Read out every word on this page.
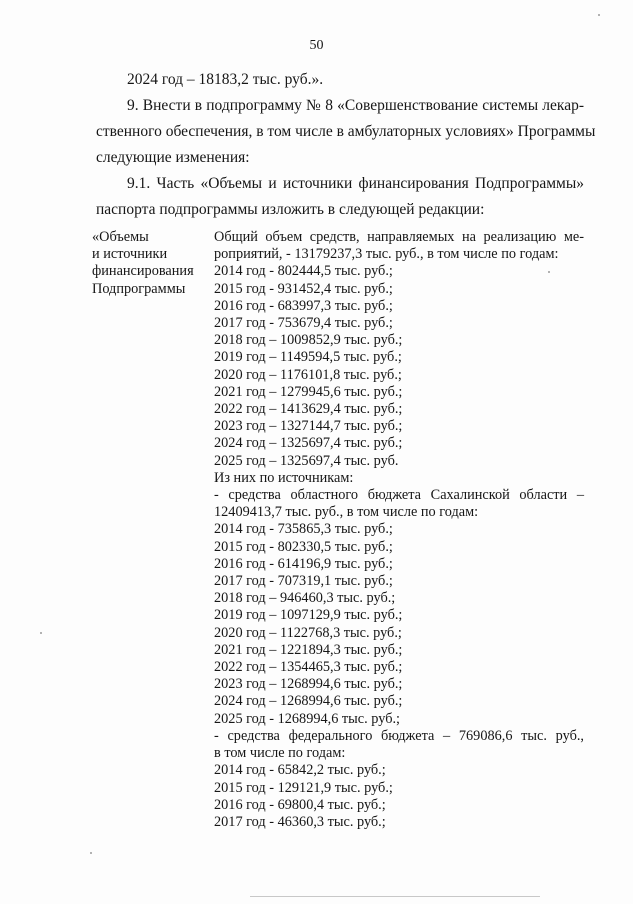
50
2024 год – 18183,2 тыс. руб.».
9. Внести в подпрограмму № 8 «Совершенствование системы лекар-
ственного обеспечения, в том числе в амбулаторных условиях» Программы
следующие изменения:
9.1. Часть «Объемы и источники финансирования Подпрограммы»
паспорта подпрограммы изложить в следующей редакции:
«Объемы
и источники
финансирования
Подпрограммы
Общий объем средств, направляемых на реализацию ме-
роприятий, - 13179237,3 тыс. руб., в том числе по годам:
2014 год - 802444,5 тыс. руб.;
2015 год - 931452,4 тыс. руб.;
2016 год - 683997,3 тыс. руб.;
2017 год - 753679,4 тыс. руб.;
2018 год – 1009852,9 тыс. руб.;
2019 год – 1149594,5 тыс. руб.;
2020 год – 1176101,8 тыс. руб.;
2021 год – 1279945,6 тыс. руб.;
2022 год – 1413629,4 тыс. руб.;
2023 год – 1327144,7 тыс. руб.;
2024 год – 1325697,4 тыс. руб.;
2025 год – 1325697,4 тыс. руб.
Из них по источникам:
- средства областного бюджета Сахалинской области –
12409413,7 тыс. руб., в том числе по годам:
2014 год - 735865,3 тыс. руб.;
2015 год - 802330,5 тыс. руб.;
2016 год - 614196,9 тыс. руб.;
2017 год - 707319,1 тыс. руб.;
2018 год – 946460,3 тыс. руб.;
2019 год – 1097129,9 тыс. руб.;
2020 год – 1122768,3 тыс. руб.;
2021 год – 1221894,3 тыс. руб.;
2022 год – 1354465,3 тыс. руб.;
2023 год – 1268994,6 тыс. руб.;
2024 год – 1268994,6 тыс. руб.;
2025 год - 1268994,6 тыс. руб.;
- средства федерального бюджета – 769086,6 тыс. руб.,
в том числе по годам:
2014 год - 65842,2 тыс. руб.;
2015 год - 129121,9 тыс. руб.;
2016 год - 69800,4 тыс. руб.;
2017 год - 46360,3 тыс. руб.;
